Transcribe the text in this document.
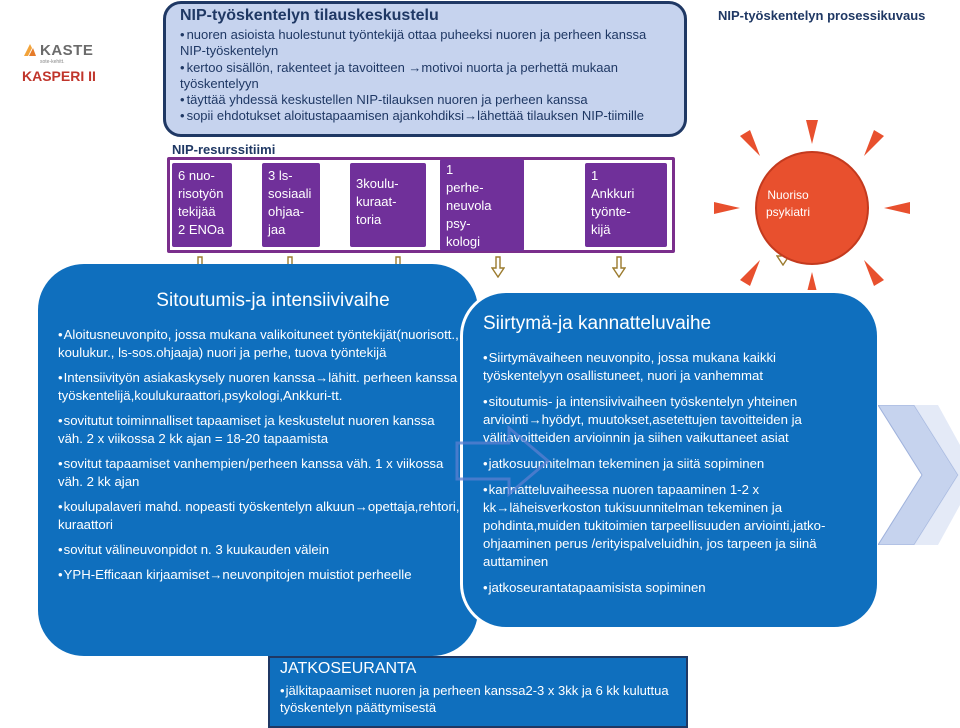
KASTE
sote-kehitt.
KASPERI II
NIP-työskentelyn tilauskeskustelu
• nuoren asioista huolestunut työntekijä ottaa puheeksi nuoren ja perheen kanssa NIP-työskentelyn
• kertoo sisällön, rakenteet ja tavoitteen →motivoi nuorta ja perhettä mukaan työskentelyyn
• täyttää yhdessä keskustellen NIP-tilauksen nuoren ja perheen kanssa
• sopii ehdotukset aloitustapaamisen ajankohdiksi→lähettää tilauksen NIP-tiimille
NIP-työskentelyn prosessikuvaus
NIP-resurssitiimi
6 nuo-
risotyön
tekijää
2 ENOa
3 ls-
sosiaali
ohjaa-
jaa
3koulu-
kuraat-
toria
1
perhe-
neuvola
psy-
kologi
1
Ankkuri
työnte-
kijä
Nuoriso psykiatri
Sitoutumis-ja intensiivivaihe
• Aloitusneuvonpito, jossa mukana valikoituneet työntekijät(nuorisott., koulukur., ls-sos.ohjaaja) nuori ja perhe, tuova työntekijä
• Intensiivityön asiakaskysely nuoren kanssa→lähitt. perheen kanssa työskentelijä,koulukuraattori,psykologi,Ankkuri-tt.
• sovitutut toiminnalliset tapaamiset ja keskustelut nuoren kanssa väh. 2 x viikossa 2 kk ajan = 18-20 tapaamista
• sovitut tapaamiset vanhempien/perheen kanssa väh. 1 x viikossa väh. 2 kk ajan
• koulupalaveri mahd. nopeasti työskentelyn alkuun→opettaja,rehtori, kuraattori
• sovitut välineuvonpidot n. 3 kuukauden välein
• YPH-Efficaan kirjaamiset→neuvonpitojen muistiot perheelle
Siirtymä-ja kannatteluvaihe
• Siirtymävaiheen neuvonpito, jossa mukana kaikki työskentelyyn osallistuneet, nuori ja vanhemmat
• sitoutumis- ja intensiivivaiheen työskentelyn yhteinen arviointi→hyödyt, muutokset,asetettujen tavoitteiden ja välitavoitteiden arvioinnin ja siihen vaikuttaneet asiat
• jatkosuunnitelman tekeminen ja siitä sopiminen
• kannatteluvaiheessa nuoren tapaaminen 1-2 x kk→läheisverkoston tukisuunnitelman tekeminen ja pohdinta,muiden tukitoimien tarpeellisuuden arviointi,jatko-ohjaaminen perus /erityispalveluidhin, jos tarpeen ja siinä auttaminen
• jatkoseurantatapaamisista sopiminen
JATKOSEURANTA
• jälkitapaamiset nuoren ja perheen kanssa2-3 x 3kk ja 6 kk kuluttua työskentelyn päättymisestä
